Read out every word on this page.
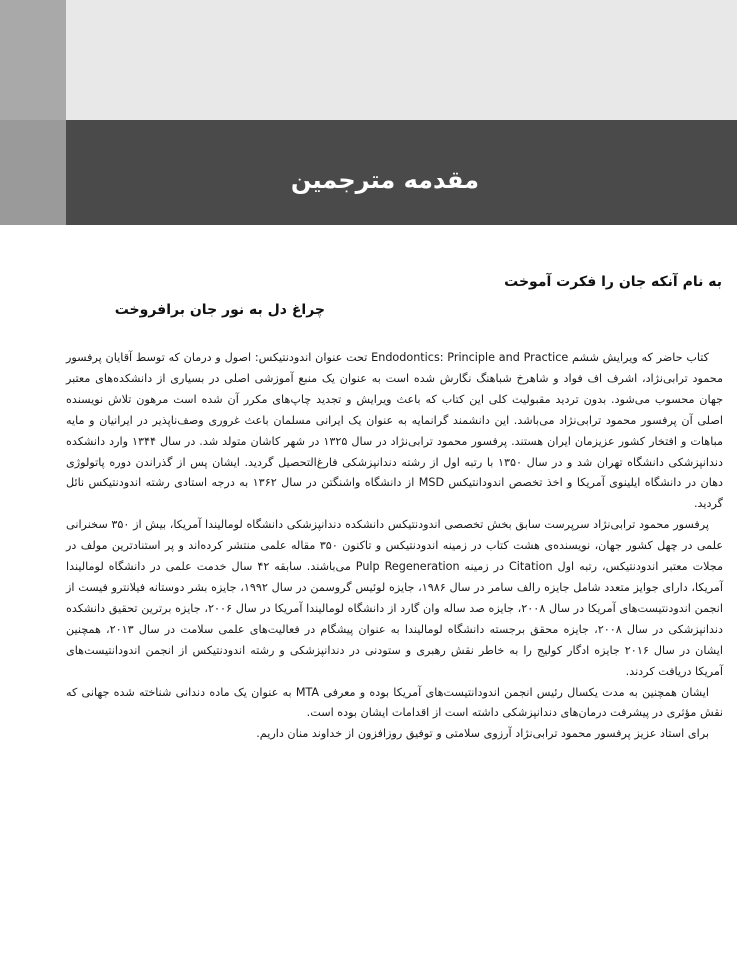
مقدمه مترجمین
به نام آنکه جان را فکرت آموخت
چراغ دل به نور جان برافروخت

کتاب حاضر که ویرایش ششم Endodontics: Principle and Practice تحت عنوان اندودنتیکس: اصول و درمان که توسط آقایان پرفسور محمود ترابی‌نژاد، اشرف اف فواد و شاهرخ شباهنگ نگارش شده است به عنوان یک منبع آموزشی اصلی در بسیاری از دانشکده‌های معتبر جهان محسوب می‌شود. بدون تردید مقبولیت کلی این کتاب که باعث ویرایش و تجدید چاپ‌های مکرر آن شده است مرهون تلاش نویسنده اصلی آن پرفسور محمود ترابی‌نژاد می‌باشد. این دانشمند گرانمایه به عنوان یک ایرانی مسلمان باعث غروری وصف‌ناپذیر در ایرانیان و مایه مباهات و افتخار کشور عزیزمان ایران هستند. پرفسور محمود ترابی‌نژاد در سال ۱۳۲۵ در شهر کاشان متولد شد. در سال ۱۳۴۴ وارد دانشکده دندانپزشکی دانشگاه تهران شد و در سال ۱۳۵۰ با رتبه اول از رشته دندانپزشکی فارغ‌التحصیل گردید. ایشان پس از گذراندن دوره پاتولوژی دهان در دانشگاه ایلینوی آمریکا و اخذ تخصص اندودانتیکس MSD از دانشگاه واشنگتن در سال ۱۳۶۲ به درجه استادی رشته اندودنتیکس نائل گردید.

پرفسور محمود ترابی‌نژاد سرپرست سابق بخش تخصصی اندودنتیکس دانشکده دندانپزشکی دانشگاه لوماليندا آمریکا، بیش از ۳۵۰ سخنرانی علمی در چهل کشور جهان، نویسنده‌ی هشت کتاب در زمینه اندودنتیکس و تاکنون ۳۵۰ مقاله علمی منتشر کرده‌اند و پر استنادترین مولف در مجلات معتبر اندودنتیکس، رتبه اول Citation در زمینه Pulp Regeneration می‌باشند. سابقه ۴۲ سال خدمت علمی در دانشگاه لوماليندا آمریکا، دارای جوایز متعدد شامل جایزه رالف سامر در سال ۱۹۸۶، جایزه لوئیس گروسمن در سال ۱۹۹۲، جایزه بشر دوستانه فیلانترو فیست از انجمن اندودنتیست‌های آمریکا در سال ۲۰۰۸، جایزه صد ساله وان گارد از دانشگاه لوماليندا آمریکا در سال ۲۰۰۶، جایزه برترین تحقیق دانشکده دندانپزشکی در سال ۲۰۰۸، جایزه محقق برجسته دانشگاه لوماليندا به عنوان پیشگام در فعالیت‌های علمی سلامت در سال ۲۰۱۳، همچنین ایشان در سال ۲۰۱۶ جایزه ادگار کولیج را به خاطر نقش رهبری و ستودنی در دندانپزشکی و رشته اندودنتیکس از انجمن اندودانتیست‌های آمریکا دریافت کردند.

ایشان همچنین به مدت یکسال رئیس انجمن اندودانتیست‌های آمریکا بوده و معرفی MTA به عنوان یک ماده دندانی شناخته شده جهانی که نقش مؤثری در پیشرفت درمان‌های دندانپزشکی داشته است از اقدامات ایشان بوده است.

برای استاد عزیز پرفسور محمود ترابی‌نژاد آرزوی سلامتی و توفیق روزافزون از خداوند منان داریم.
